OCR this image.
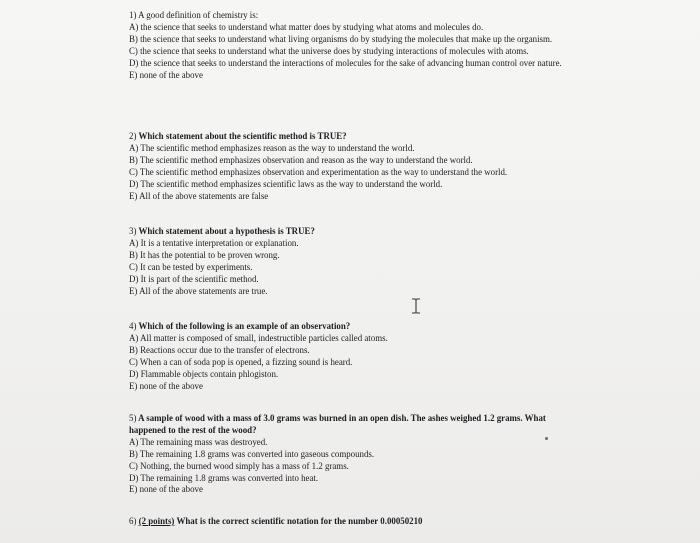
1) A good definition of chemistry is:
A) the science that seeks to understand what matter does by studying what atoms and molecules do.
B) the science that seeks to understand what living organisms do by studying the molecules that make up the organism.
C) the science that seeks to understand what the universe does by studying interactions of molecules with atoms.
D) the science that seeks to understand the interactions of molecules for the sake of advancing human control over nature.
E) none of the above
2) Which statement about the scientific method is TRUE?
A) The scientific method emphasizes reason as the way to understand the world.
B) The scientific method emphasizes observation and reason as the way to understand the world.
C) The scientific method emphasizes observation and experimentation as the way to understand the world.
D) The scientific method emphasizes scientific laws as the way to understand the world.
E) All of the above statements are false
3) Which statement about a hypothesis is TRUE?
A) It is a tentative interpretation or explanation.
B) It has the potential to be proven wrong.
C) It can be tested by experiments.
D) It is part of the scientific method.
E) All of the above statements are true.
4) Which of the following is an example of an observation?
A) All matter is composed of small, indestructible particles called atoms.
B) Reactions occur due to the transfer of electrons.
C) When a can of soda pop is opened, a fizzing sound is heard.
D) Flammable objects contain phlogiston.
E) none of the above
5) A sample of wood with a mass of 3.0 grams was burned in an open dish. The ashes weighed 1.2 grams. What happened to the rest of the wood?
A) The remaining mass was destroyed.
B) The remaining 1.8 grams was converted into gaseous compounds.
C) Nothing, the burned wood simply has a mass of 1.2 grams.
D) The remaining 1.8 grams was converted into heat.
E) none of the above
6) (2 points) What is the correct scientific notation for the number 0.00050210
